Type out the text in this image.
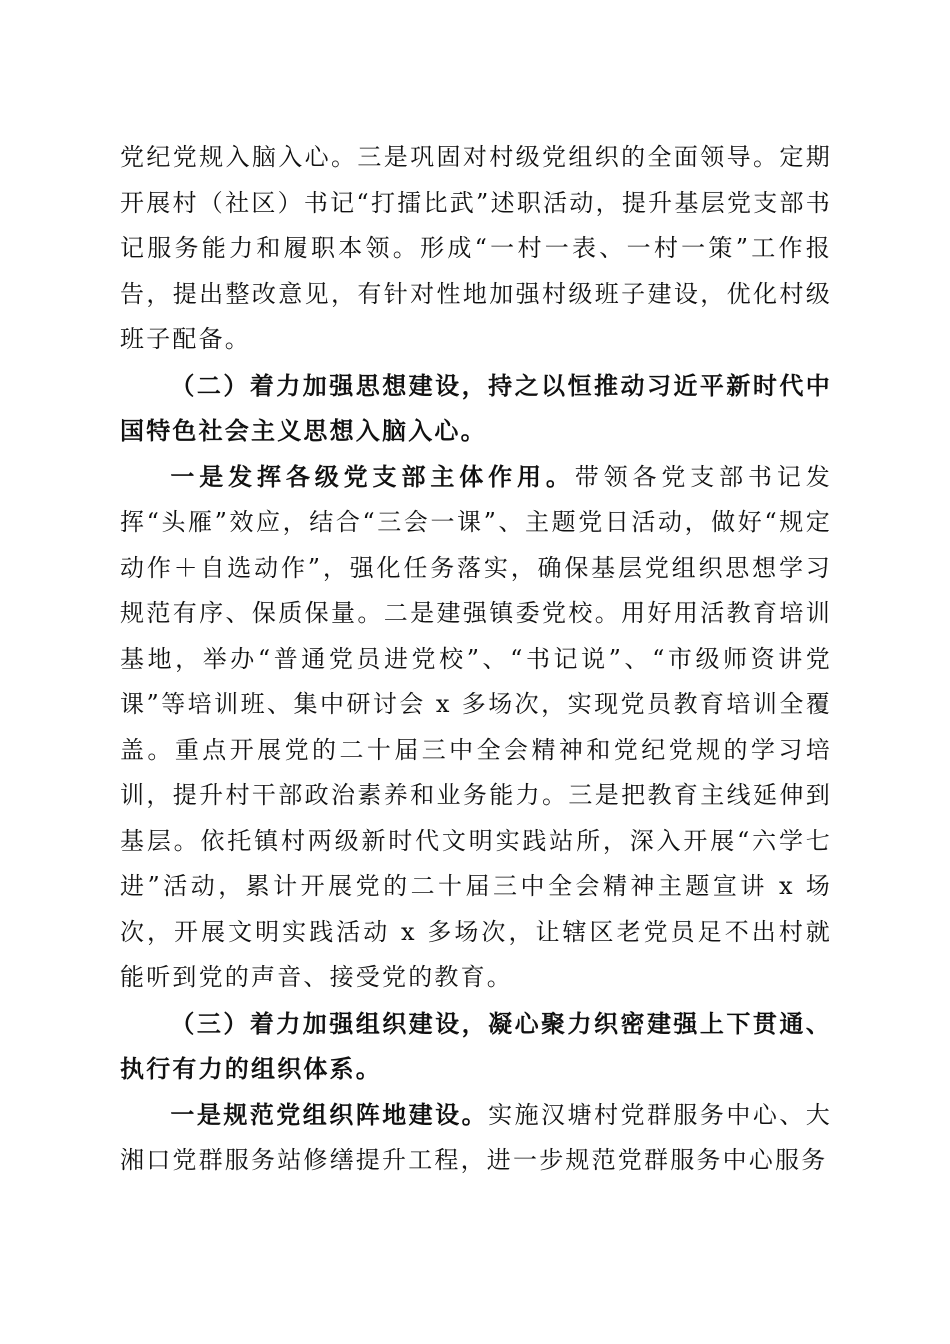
党纪党规入脑入心。三是巩固对村级党组织的全面领导。定期开展村（社区）书记“打擂比武”述职活动，提升基层党支部书记服务能力和履职本领。形成“一村一表、一村一策”工作报告，提出整改意见，有针对性地加强村级班子建设，优化村级班子配备。

（二）着力加强思想建设，持之以恒推动习近平新时代中国特色社会主义思想入脑入心。

一是发挥各级党支部主体作用。带领各党支部书记发挥“头雁”效应，结合“三会一课”、主题党日活动，做好“规定动作＋自选动作”，强化任务落实，确保基层党组织思想学习规范有序、保质保量。二是建强镇委党校。用好用活教育培训基地，举办“普通党员进党校”、“书记说”、“市级师资讲党课”等培训班、集中研讨会 x 多场次，实现党员教育培训全覆盖。重点开展党的二十届三中全会精神和党纪党规的学习培训，提升村干部政治素养和业务能力。三是把教育主线延伸到基层。依托镇村两级新时代文明实践站所，深入开展“六学七进”活动，累计开展党的二十届三中全会精神主题宣讲 x 场次，开展文明实践活动 x 多场次，让辖区老党员足不出村就能听到党的声音、接受党的教育。

（三）着力加强组织建设，凝心聚力织密建强上下贯通、执行有力的组织体系。

一是规范党组织阵地建设。实施汉塘村党群服务中心、大湘口党群服务站修缮提升工程，进一步规范党群服务中心服务
